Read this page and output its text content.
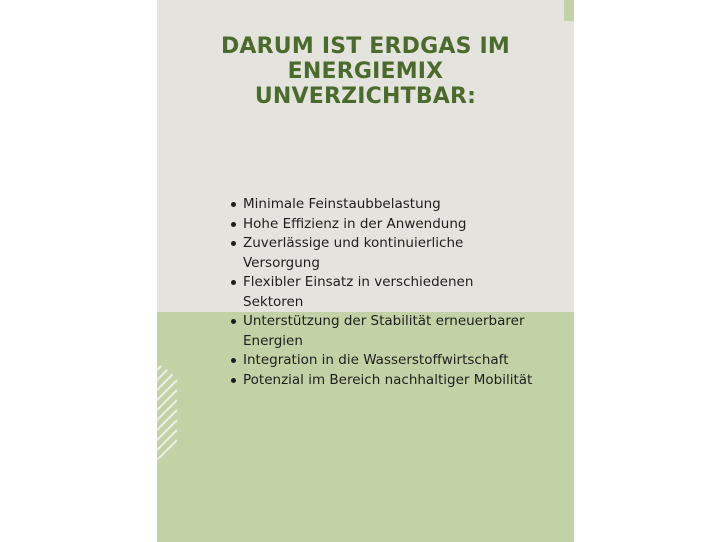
DARUM IST ERDGAS IM
ENERGIEMIX
UNVERZICHTBAR:
Minimale Feinstaubbelastung
Hohe Effizienz in der Anwendung
Zuverlässige und kontinuierliche Versorgung
Flexibler Einsatz in verschiedenen Sektoren
Unterstützung der Stabilität erneuerbarer Energien
Integration in die Wasserstoffwirtschaft
Potenzial im Bereich nachhaltiger Mobilität
